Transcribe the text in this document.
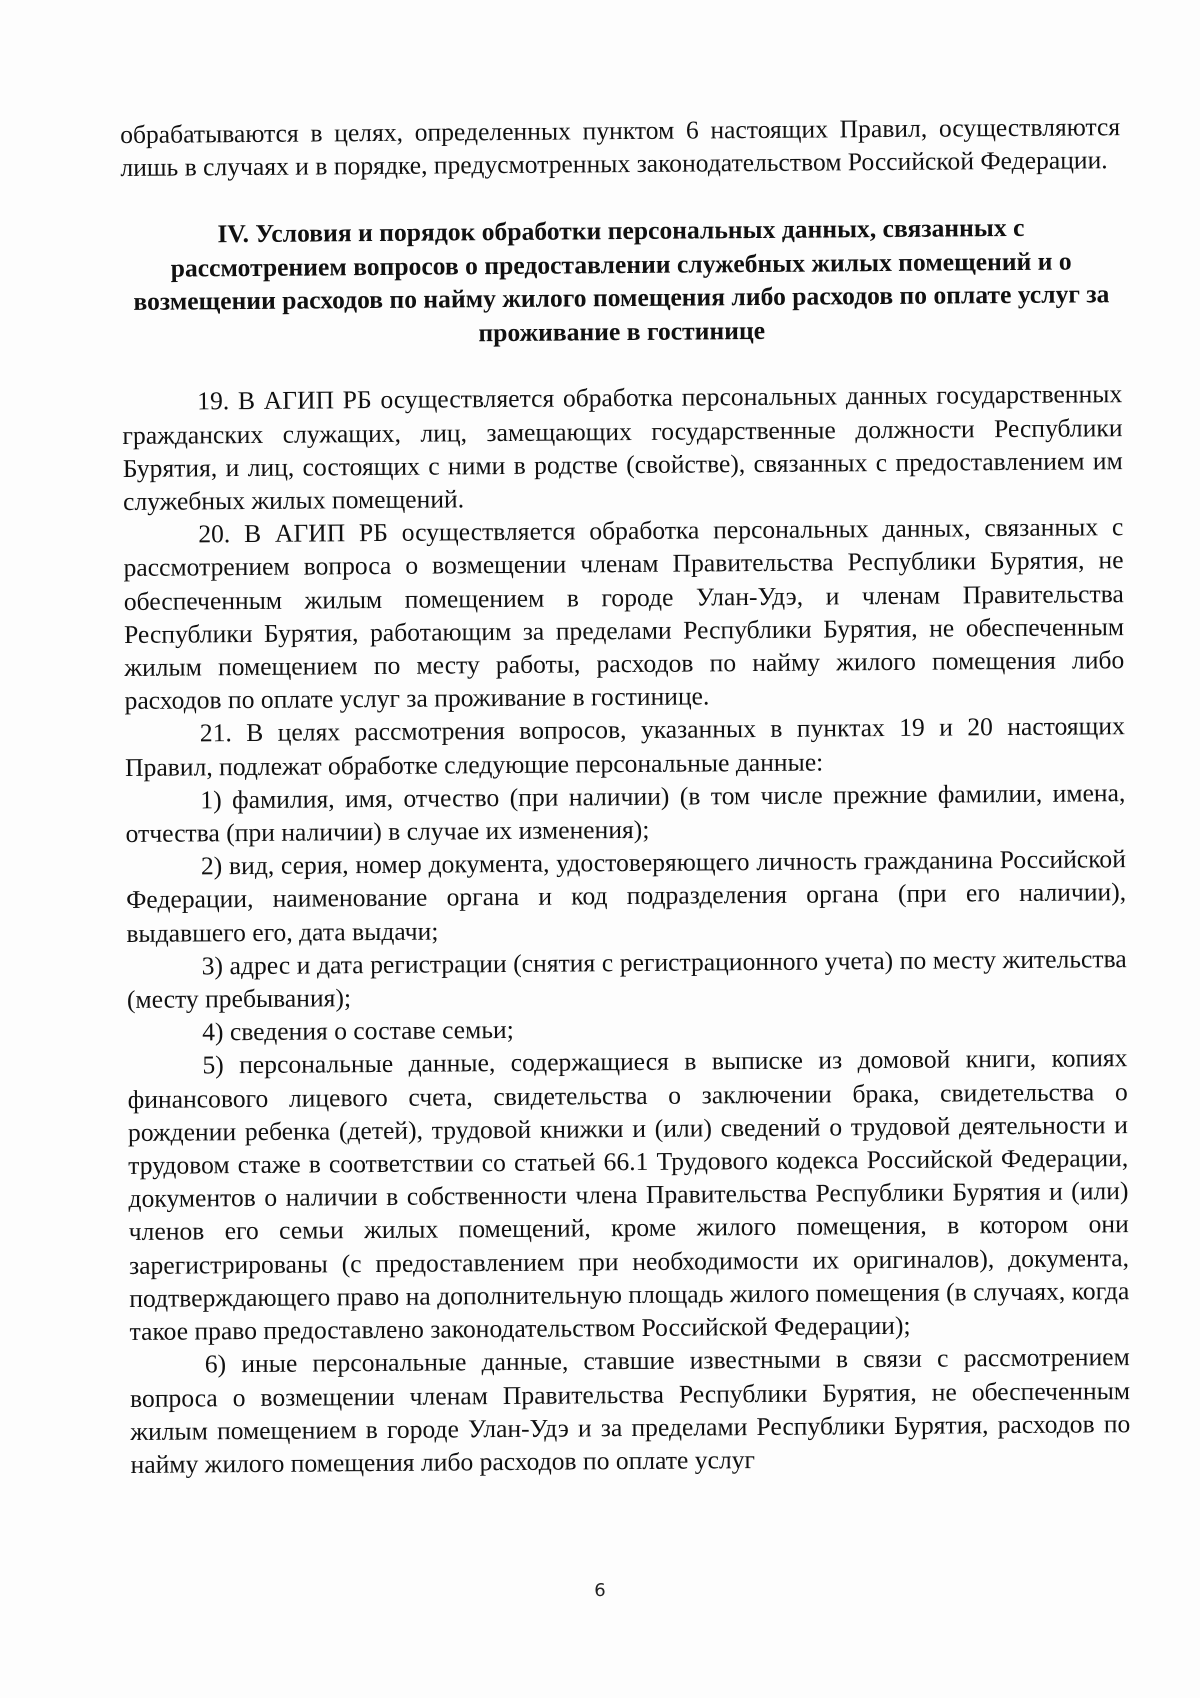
обрабатываются в целях, определенных пунктом 6 настоящих Правил, осуществляются лишь в случаях и в порядке, предусмотренных законодательством Российской Федерации.

IV. Условия и порядок обработки персональных данных, связанных с рассмотрением вопросов о предоставлении служебных жилых помещений и о возмещении расходов по найму жилого помещения либо расходов по оплате услуг за проживание в гостинице

19. В АГИП РБ осуществляется обработка персональных данных государственных гражданских служащих, лиц, замещающих государственные должности Республики Бурятия, и лиц, состоящих с ними в родстве (свойстве), связанных с предоставлением им служебных жилых помещений.

20. В АГИП РБ осуществляется обработка персональных данных, связанных с рассмотрением вопроса о возмещении членам Правительства Республики Бурятия, не обеспеченным жилым помещением в городе Улан-Удэ, и членам Правительства Республики Бурятия, работающим за пределами Республики Бурятия, не обеспеченным жилым помещением по месту работы, расходов по найму жилого помещения либо расходов по оплате услуг за проживание в гостинице.

21. В целях рассмотрения вопросов, указанных в пунктах 19 и 20 настоящих Правил, подлежат обработке следующие персональные данные:

1) фамилия, имя, отчество (при наличии) (в том числе прежние фамилии, имена, отчества (при наличии) в случае их изменения);

2) вид, серия, номер документа, удостоверяющего личность гражданина Российской Федерации, наименование органа и код подразделения органа (при его наличии), выдавшего его, дата выдачи;

3) адрес и дата регистрации (снятия с регистрационного учета) по месту жительства (месту пребывания);

4) сведения о составе семьи;

5) персональные данные, содержащиеся в выписке из домовой книги, копиях финансового лицевого счета, свидетельства о заключении брака, свидетельства о рождении ребенка (детей), трудовой книжки и (или) сведений о трудовой деятельности и трудовом стаже в соответствии со статьей 66.1 Трудового кодекса Российской Федерации, документов о наличии в собственности члена Правительства Республики Бурятия и (или) членов его семьи жилых помещений, кроме жилого помещения, в котором они зарегистрированы (с предоставлением при необходимости их оригиналов), документа, подтверждающего право на дополнительную площадь жилого помещения (в случаях, когда такое право предоставлено законодательством Российской Федерации);

6) иные персональные данные, ставшие известными в связи с рассмотрением вопроса о возмещении членам Правительства Республики Бурятия, не обеспеченным жилым помещением в городе Улан-Удэ и за пределами Республики Бурятия, расходов по найму жилого помещения либо расходов по оплате услуг

6
